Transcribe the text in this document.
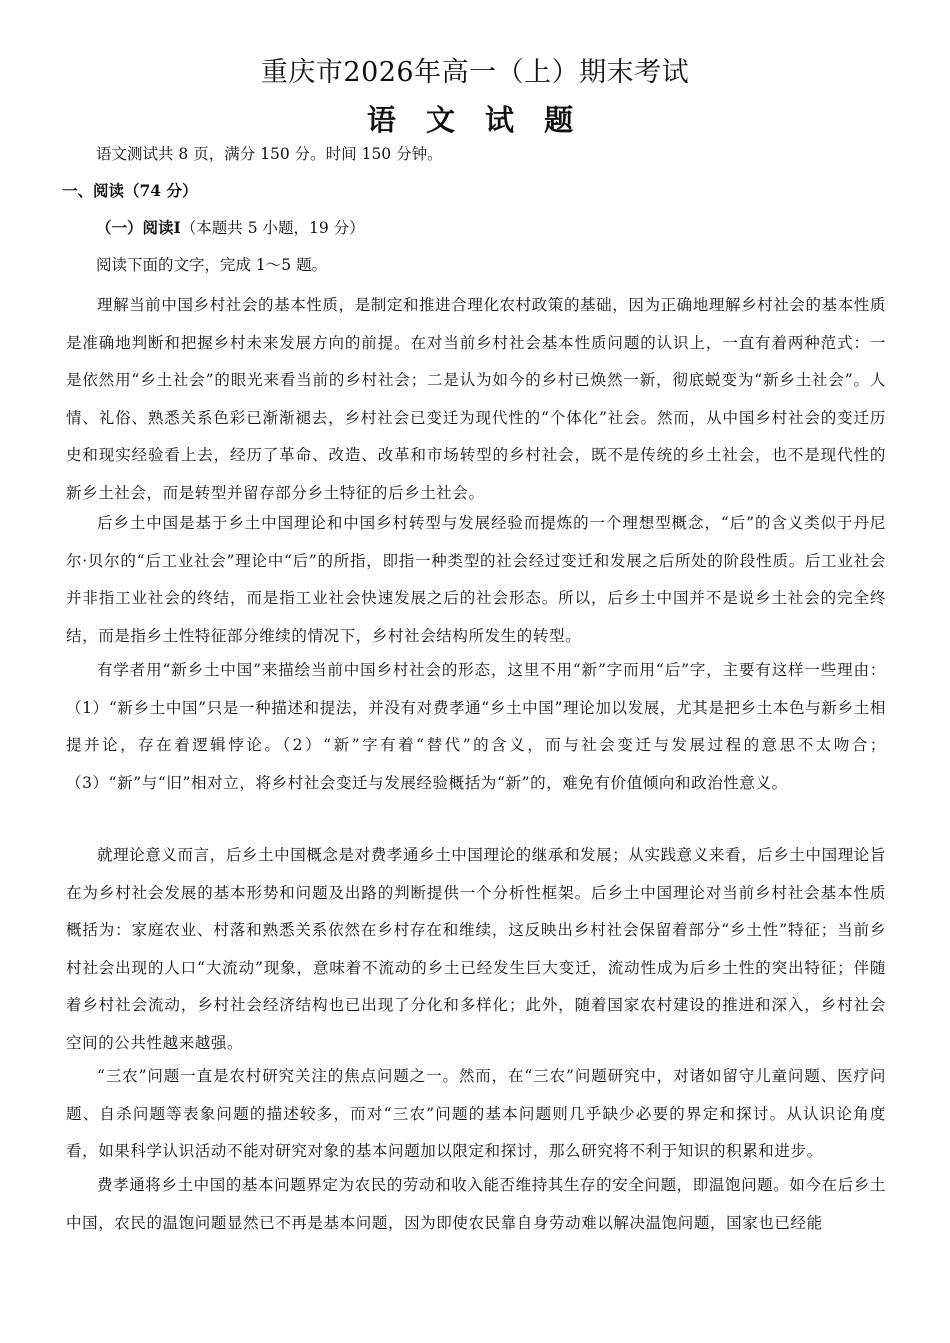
重庆市2026年高一（上）期末考试
语 文 试 题
语文测试共 8 页，满分 150 分。时间 150 分钟。
一、阅读（74 分）
（一）阅读Ⅰ（本题共 5 小题，19 分）
阅读下面的文字，完成 1～5 题。
理解当前中国乡村社会的基本性质，是制定和推进合理化农村政策的基础，因为正确地理解乡村社会的基本性质是准确地判断和把握乡村未来发展方向的前提。在对当前乡村社会基本性质问题的认识上，一直有着两种范式：一是依然用“乡土社会”的眼光来看当前的乡村社会；二是认为如今的乡村已焕然一新，彻底蜕变为“新乡土社会”。人情、礼俗、熟悉关系色彩已渐渐褪去，乡村社会已变迁为现代性的“个体化”社会。然而，从中国乡村社会的变迁历史和现实经验看上去，经历了革命、改造、改革和市场转型的乡村社会，既不是传统的乡土社会，也不是现代性的新乡土社会，而是转型并留存部分乡土特征的后乡土社会。
后乡土中国是基于乡土中国理论和中国乡村转型与发展经验而提炼的一个理想型概念，“后”的含义类似于丹尼尔·贝尔的“后工业社会”理论中“后”的所指，即指一种类型的社会经过变迁和发展之后所处的阶段性质。后工业社会并非指工业社会的终结，而是指工业社会快速发展之后的社会形态。所以，后乡土中国并不是说乡土社会的完全终结，而是指乡土性特征部分维续的情况下，乡村社会结构所发生的转型。
有学者用“新乡土中国”来描绘当前中国乡村社会的形态，这里不用“新”字而用“后”字，主要有这样一些理由：（1）“新乡土中国”只是一种描述和提法，并没有对费孝通“乡土中国”理论加以发展，尤其是把乡土本色与新乡土相提并论，存在着逻辑悖论。（2）“新”字有着“替代”的含义，而与社会变迁与发展过程的意思不太吻合；（3）“新”与“旧”相对立，将乡村社会变迁与发展经验概括为“新”的，难免有价值倾向和政治性意义。
就理论意义而言，后乡土中国概念是对费孝通乡土中国理论的继承和发展；从实践意义来看，后乡土中国理论旨在为乡村社会发展的基本形势和问题及出路的判断提供一个分析性框架。后乡土中国理论对当前乡村社会基本性质概括为：家庭农业、村落和熟悉关系依然在乡村存在和维续，这反映出乡村社会保留着部分“乡土性”特征；当前乡村社会出现的人口“大流动”现象，意味着不流动的乡土已经发生巨大变迁，流动性成为后乡土性的突出特征；伴随着乡村社会流动，乡村社会经济结构也已出现了分化和多样化；此外，随着国家农村建设的推进和深入，乡村社会空间的公共性越来越强。
“三农”问题一直是农村研究关注的焦点问题之一。然而，在“三农”问题研究中，对诸如留守儿童问题、医疗问题、自杀问题等表象问题的描述较多，而对“三农”问题的基本问题则几乎缺少必要的界定和探讨。从认识论角度看，如果科学认识活动不能对研究对象的基本问题加以限定和探讨，那么研究将不利于知识的积累和进步。
费孝通将乡土中国的基本问题界定为农民的劳动和收入能否维持其生存的安全问题，即温饱问题。如今在后乡土中国，农民的温饱问题显然已不再是基本问题，因为即使农民靠自身劳动难以解决温饱问题，国家也已经能
